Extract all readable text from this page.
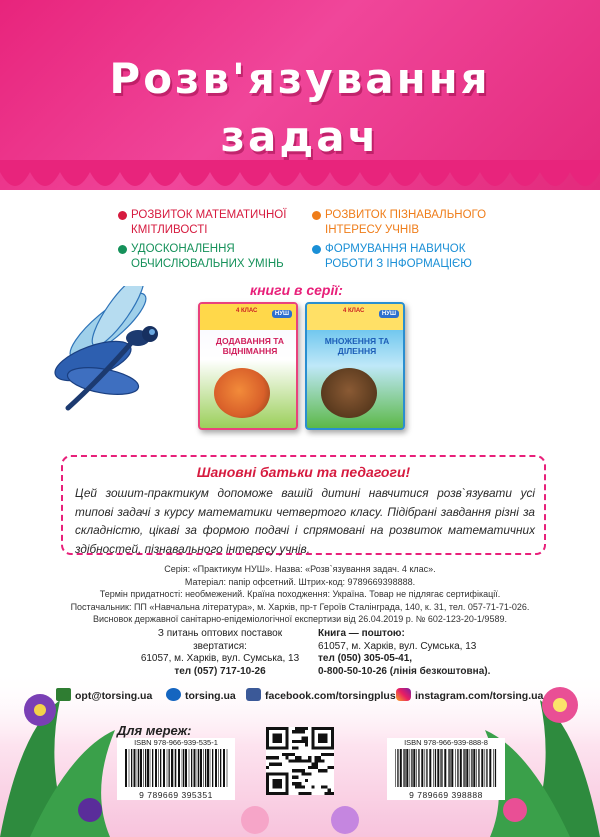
Розв'язування
задач
РОЗВИТОК МАТЕМАТИЧНОЇ КМІТЛИВОСТІ
РОЗВИТОК ПІЗНАВАЛЬНОГО ІНТЕРЕСУ УЧНІВ
УДОСКОНАЛЕННЯ ОБЧИСЛЮВАЛЬНИХ УМІНЬ
ФОРМУВАННЯ НАВИЧОК РОБОТИ З ІНФОРМАЦІЄЮ
книги в серії:
4 КЛАС	НУШ
ДОДАВАННЯ ТА ВІДНІМАННЯ
4 КЛАС	НУШ
МНОЖЕННЯ ТА ДІЛЕННЯ
Шановні батьки та педагоги!
Цей зошит-практикум допоможе вашій дитині навчитися розв`язувати усі типові задачі з курсу математики четвертого класу. Підібрані завдання різні за складністю, цікаві за формою подачі і спрямовані на розвиток математичних здібностей, пізнавального інтересу учнів.
Серія: «Практикум НУШ». Назва: «Розв`язування задач. 4 клас».
Матеріал: папір офсетний. Штрих-код: 9789669398888.
Термін придатності: необмежений. Країна походження: Україна. Товар не підлягає сертифікації.
Постачальник: ПП «Навчальна література», м. Харків, пр-т Героїв Сталінграда, 140, к. 31, тел. 057-71-71-026.
Висновок державної санітарно-епідеміологічної експертизи від 26.04.2019 р. № 602-123-20-1/9589.
З питань оптових поставок
звертатися:
61057, м. Харків, вул. Сумська, 13
Книга — поштою:
61057, м. Харків, вул. Сумська, 13
тел (050) 305-05-41,
opt@torsing.ua	torsing.ua	facebook.com/torsingplus	instagram.com/torsing.ua
Для мереж:
ISBN 978-966-939-535-1
9 789669 395351
ISBN 978-966-939-888-8
9 789669 398888
